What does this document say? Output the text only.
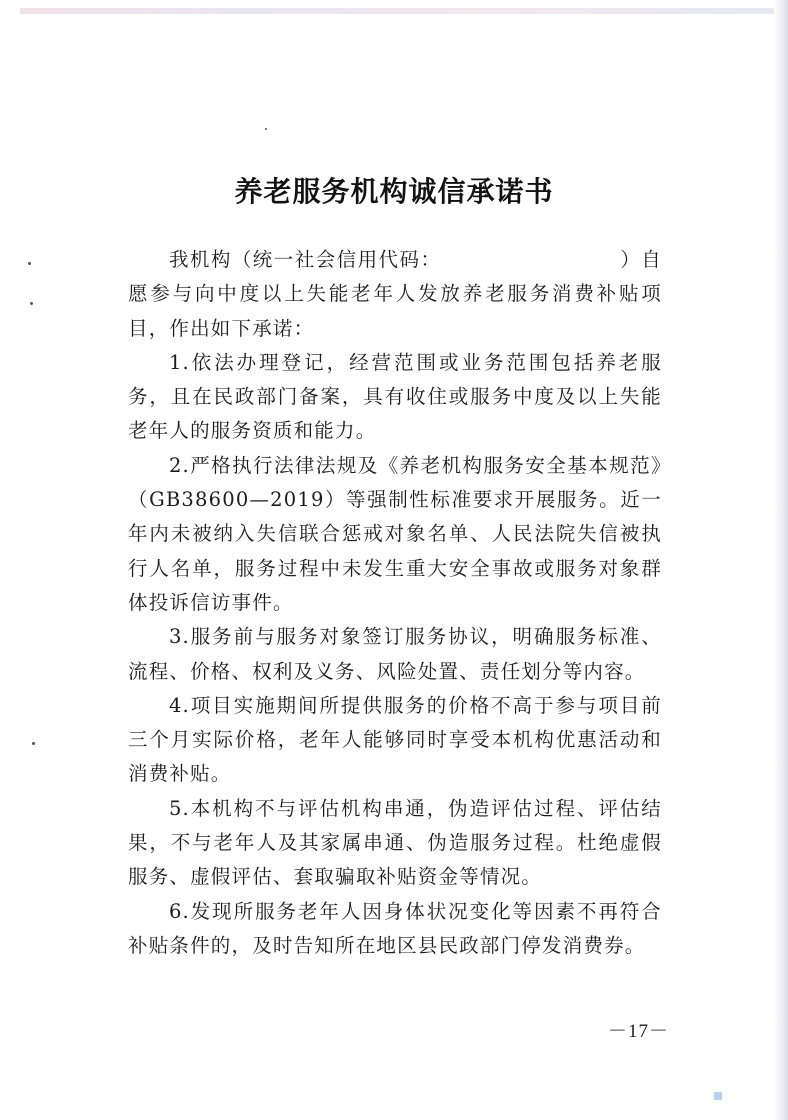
养老服务机构诚信承诺书

我机构（统一社会信用代码：　　　　　　　　　）自愿参与向中度以上失能老年人发放养老服务消费补贴项目，作出如下承诺：

1.依法办理登记，经营范围或业务范围包括养老服务，且在民政部门备案，具有收住或服务中度及以上失能老年人的服务资质和能力。

2.严格执行法律法规及《养老机构服务安全基本规范》（GB38600—2019）等强制性标准要求开展服务。近一年内未被纳入失信联合惩戒对象名单、人民法院失信被执行人名单，服务过程中未发生重大安全事故或服务对象群体投诉信访事件。

3.服务前与服务对象签订服务协议，明确服务标准、流程、价格、权利及义务、风险处置、责任划分等内容。

4.项目实施期间所提供服务的价格不高于参与项目前三个月实际价格，老年人能够同时享受本机构优惠活动和消费补贴。

5.本机构不与评估机构串通，伪造评估过程、评估结果，不与老年人及其家属串通、伪造服务过程。杜绝虚假服务、虚假评估、套取骗取补贴资金等情况。

6.发现所服务老年人因身体状况变化等因素不再符合补贴条件的，及时告知所在地区县民政部门停发消费券。

－17－
